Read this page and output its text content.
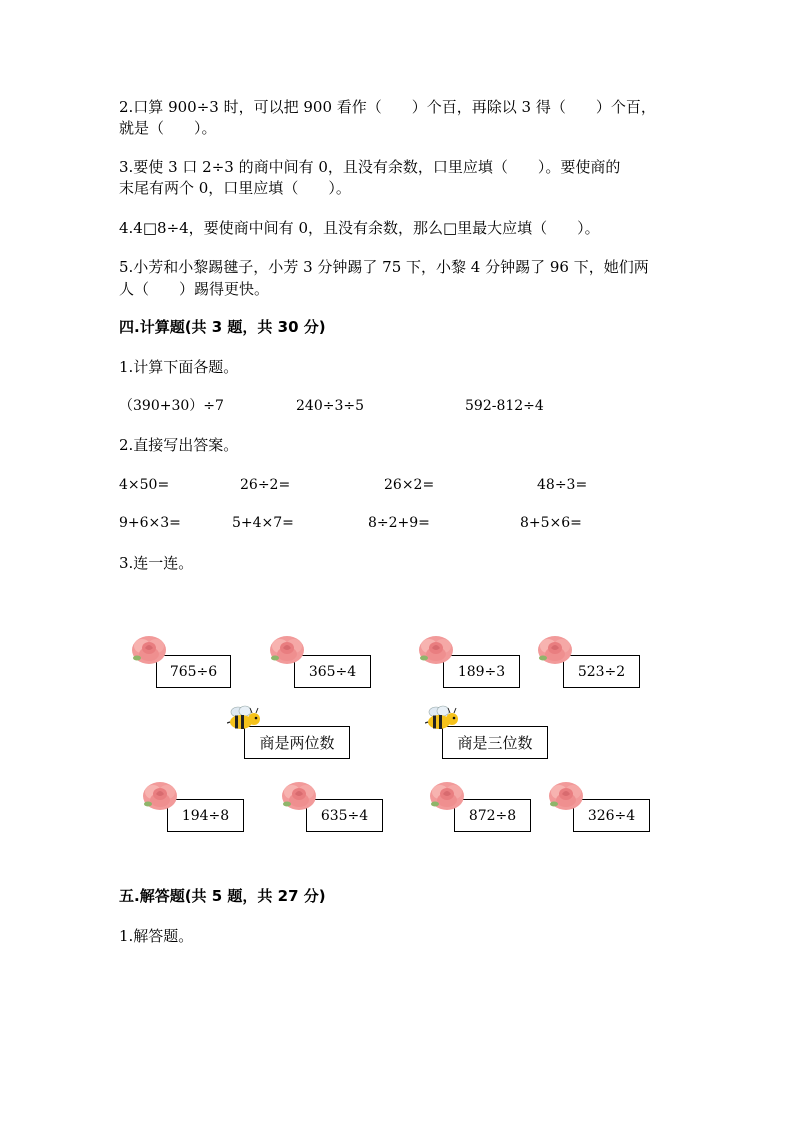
2.口算 900÷3 时，可以把 900 看作（　　）个百，再除以 3 得（　　）个百，
就是（　　）。
3.要使 3 口 2÷3 的商中间有 0，且没有余数，口里应填（　　）。要使商的
末尾有两个 0，口里应填（　　）。
4.4□8÷4，要使商中间有 0，且没有余数，那么□里最大应填（　　）。
5.小芳和小黎踢毽子，小芳 3 分钟踢了 75 下，小黎 4 分钟踢了 96 下，她们两
人（　　）踢得更快。
四.计算题(共 3 题，共 30 分)
1.计算下面各题。
（390+30）÷7	240÷3÷5	592-812÷4
2.直接写出答案。
4×50=	26÷2=	26×2=	48÷3=
9+6×3=	5+4×7=	8÷2+9=	8+5×6=
3.连一连。
765÷6	365÷4	189÷3	523÷2
商是两位数	商是三位数
194÷8	635÷4	872÷8	326÷4
五.解答题(共 5 题，共 27 分)
1.解答题。
